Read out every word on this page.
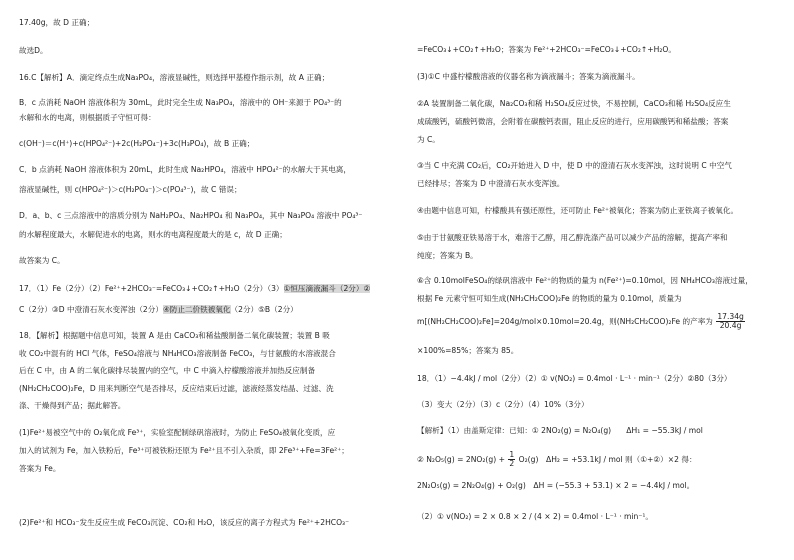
17.40g，故 D 正确；

故选D。

16.C【解析】A．滴定终点生成Na₃PO₄，溶液显碱性，则选择甲基橙作指示剂，故 A 正确；

B．c 点消耗 NaOH 溶液体积为 30mL，此时完全生成 Na₃PO₄，溶液中的 OH⁻来源于 PO₄³⁻的

水解和水的电离，则根据质子守恒可得：

c(OH⁻)＝c(H⁺)+c(HPO₄²⁻)+2c(H₂PO₄⁻)+3c(H₃PO₄)，故 B 正确；

C．b 点消耗 NaOH 溶液体积为 20mL，此时生成 Na₂HPO₄，溶液中 HPO₄²⁻的水解大于其电离，

溶液显碱性，则 c(HPO₄²⁻)＞c(H₂PO₄⁻)＞c(PO₄³⁻)，故 C 错误；

D．a、b、c 三点溶液中的溶质分别为 NaH₂PO₄、Na₂HPO₄ 和 Na₃PO₄，其中 Na₃PO₄ 溶液中 PO₄³⁻

的水解程度最大，水解促进水的电离，则水的电离程度最大的是 c，故 D 正确；

故答案为 C。

17．（1）Fe（2分）（2）Fe²⁺+2HCO₃⁻=FeCO₃↓+CO₂↑+H₂O（2分）（3）①恒压滴液漏斗（2分）②

C（2分）③D 中澄清石灰水变浑浊（2分）④防止二价铁被氧化（2分）⑤B（2分）

18．【解析】根据题中信息可知，装置 A 是由 CaCO₃和稀盐酸制备二氧化碳装置；装置 B 吸

收 CO₂中混有的 HCl 气体，FeSO₄溶液与 NH₄HCO₃溶液制备 FeCO₃，与甘氨酸的水溶液混合

后在 C 中，由 A 的二氧化碳排尽装置内的空气，中 C 中滴入柠檬酸溶液并加热反应制备

(NH₂CH₂COO)₂Fe，D 用来判断空气是否排尽，反应结束后过滤，滤液经蒸发结晶、过滤、洗

涤、干燥得到产品；据此解答。

(1)Fe²⁺易被空气中的 O₂氧化成 Fe³⁺，实验室配制绿矾溶液时，为防止 FeSO₄被氧化变质，应

加入的试剂为 Fe，加入铁粉后，Fe³⁺可被铁粉还原为 Fe²⁺且不引入杂质，即 2Fe³⁺+Fe=3Fe²⁺；

答案为 Fe。

(2)Fe²⁺和 HCO₃⁻发生反应生成 FeCO₃沉淀、CO₂和 H₂O，该反应的离子方程式为 Fe²⁺+2HCO₃⁻

=FeCO₃↓+CO₂↑+H₂O；答案为 Fe²⁺+2HCO₃⁻=FeCO₃↓+CO₂↑+H₂O。

(3)①C 中盛柠檬酸溶液的仪器名称为滴液漏斗；答案为滴液漏斗。

②A 装置制备二氧化碳，Na₂CO₃和稀 H₂SO₄反应过快，不易控制，CaCO₃和稀 H₂SO₄反应生

成硫酸钙，硫酸钙微溶，会附着在碳酸钙表面，阻止反应的进行，应用碳酸钙和稀盐酸；答案

为 C。

③当 C 中充满 CO₂后，CO₂开始进入 D 中，使 D 中的澄清石灰水变浑浊，这时说明 C 中空气

已经排尽；答案为 D 中澄清石灰水变浑浊。

④由题中信息可知，柠檬酸具有强还原性，还可防止 Fe²⁺被氧化；答案为防止亚铁离子被氧化。

⑤由于甘氨酸亚铁易溶于水，难溶于乙醇，用乙醇洗涤产品可以减少产品的溶解，提高产率和

纯度；答案为 B。

⑥含 0.10molFeSO₄的绿矾溶液中 Fe²⁺的物质的量为 n(Fe²⁺)=0.10mol，因 NH₄HCO₃溶液过量，

根据 Fe 元素守恒可知生成(NH₂CH₂COO)₂Fe 的物质的量为 0.10mol，质量为

m[(NH₂CH₂COO)₂Fe]=204g/mol×0.10mol=20.4g，则(NH₂CH₂COO)₂Fe 的产率为 $\frac{17.34g}{20.4g}$

×100%=85%；答案为 85。

18．（1）−4.4kJ / mol（2分）（2）① v(NO₂) = 0.4mol · L⁻¹ · min⁻¹（2分）②80（3分）

（3）变大（2分）（3）c（2分）（4）10%（3分）

【解析】（1）由盖斯定律：已知：① 2NO₂(g) = N₂O₄(g)　　ΔH₁ = −55.3kJ / mol

② $N_2O_5(g) = 2NO_2(g) + \frac{1}{2} O_2(g)$　ΔH₂ = +53.1kJ / mol 则（①+②）×2 得：

2N₂O₅(g) = 2N₂O₄(g) + O₂(g)　ΔH = (−55.3 + 53.1) × 2 = −4.4kJ / mol。

（2）① v(NO₂) = 2 × 0.8 × 2 / (4 × 2) = 0.4mol · L⁻¹ · min⁻¹。
